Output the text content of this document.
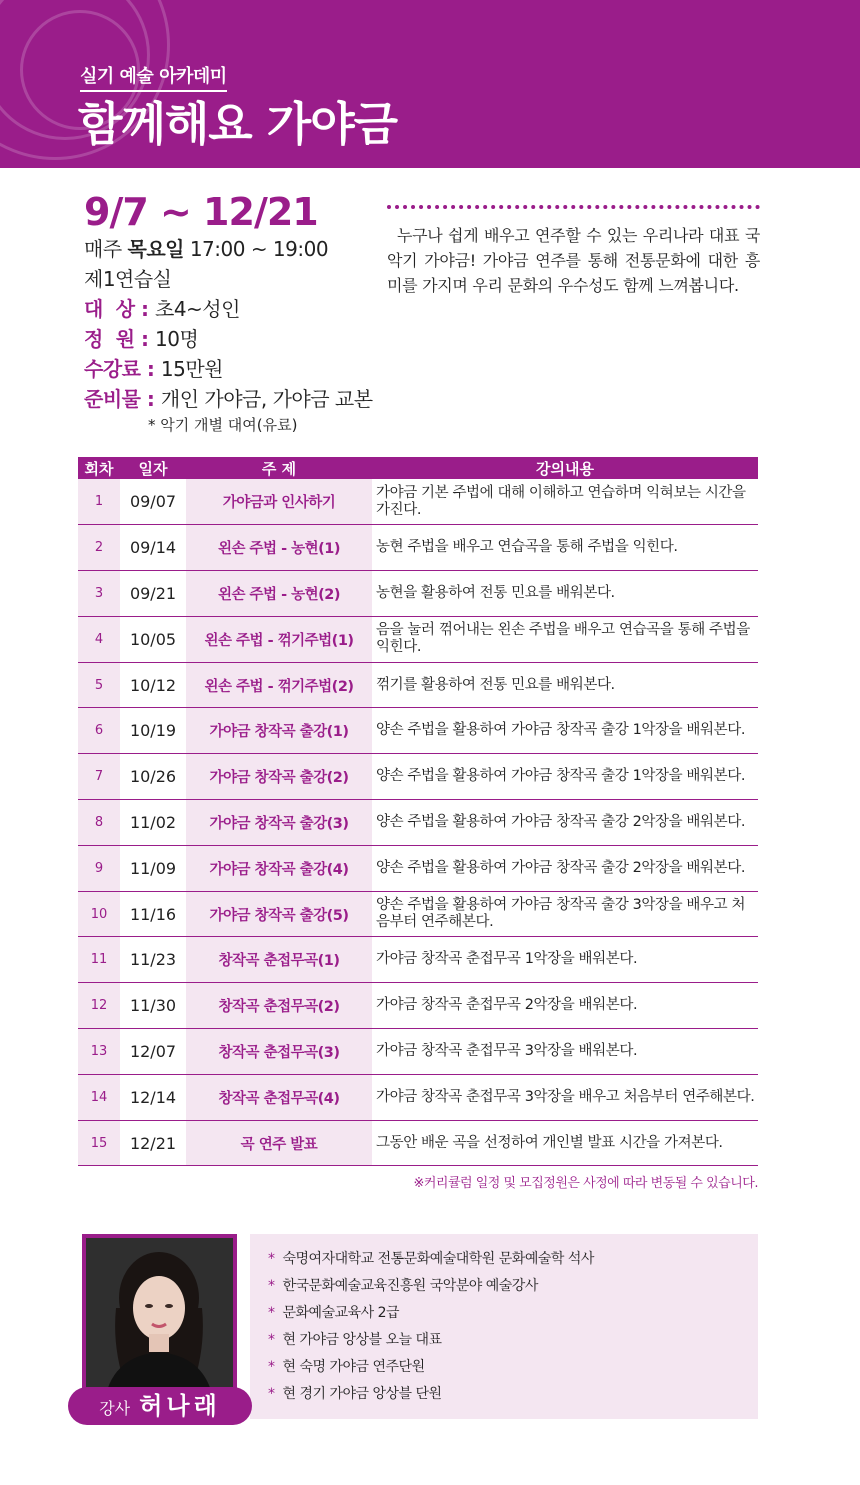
실기 예술 아카데미
함께해요 가야금
9/7 ~ 12/21
매주 목요일 17:00 ~ 19:00
제1연습실
대  상 : 초4~성인
정  원 : 10명
수강료 : 15만원
준비물 : 개인 가야금, 가야금 교본
* 악기 개별 대여(유료)

누구나 쉽게 배우고 연주할 수 있는 우리나라 대표 국악기 가야금! 가야금 연주를 통해 전통문화에 대한 흥미를 가지며 우리 문화의 우수성도 함께 느껴봅니다.

회차	일자	주 제	강의내용
1	09/07	가야금과 인사하기	가야금 기본 주법에 대해 이해하고 연습하며 익혀보는 시간을 가진다.
2	09/14	왼손 주법 - 농현(1)	농현 주법을 배우고 연습곡을 통해 주법을 익힌다.
3	09/21	왼손 주법 - 농현(2)	농현을 활용하여 전통 민요를 배워본다.
4	10/05	왼손 주법 - 꺾기주법(1)	음을 눌러 꺾어내는 왼손 주법을 배우고 연습곡을 통해 주법을 익힌다.
5	10/12	왼손 주법 - 꺾기주법(2)	꺾기를 활용하여 전통 민요를 배워본다.
6	10/19	가야금 창작곡 출강(1)	양손 주법을 활용하여 가야금 창작곡 출강 1악장을 배워본다.
7	10/26	가야금 창작곡 출강(2)	양손 주법을 활용하여 가야금 창작곡 출강 1악장을 배워본다.
8	11/02	가야금 창작곡 출강(3)	양손 주법을 활용하여 가야금 창작곡 출강 2악장을 배워본다.
9	11/09	가야금 창작곡 출강(4)	양손 주법을 활용하여 가야금 창작곡 출강 2악장을 배워본다.
10	11/16	가야금 창작곡 출강(5)	양손 주법을 활용하여 가야금 창작곡 출강 3악장을 배우고 처음부터 연주해본다.
11	11/23	창작곡 춘접무곡(1)	가야금 창작곡 춘접무곡 1악장을 배워본다.
12	11/30	창작곡 춘접무곡(2)	가야금 창작곡 춘접무곡 2악장을 배워본다.
13	12/07	창작곡 춘접무곡(3)	가야금 창작곡 춘접무곡 3악장을 배워본다.
14	12/14	창작곡 춘접무곡(4)	가야금 창작곡 춘접무곡 3악장을 배우고 처음부터 연주해본다.
15	12/21	곡 연주 발표	그동안 배운 곡을 선정하여 개인별 발표 시간을 가져본다.
※커리큘럼 일정 및 모집정원은 사정에 따라 변동될 수 있습니다.
* 숙명여자대학교 전통문화예술대학원 문화예술학 석사
* 한국문화예술교육진흥원 국악분야 예술강사
* 문화예술교육사 2급
* 현 가야금 앙상블 오늘 대표
* 현 숙명 가야금 연주단원
* 현 경기 가야금 앙상블 단원
강사 허나래
